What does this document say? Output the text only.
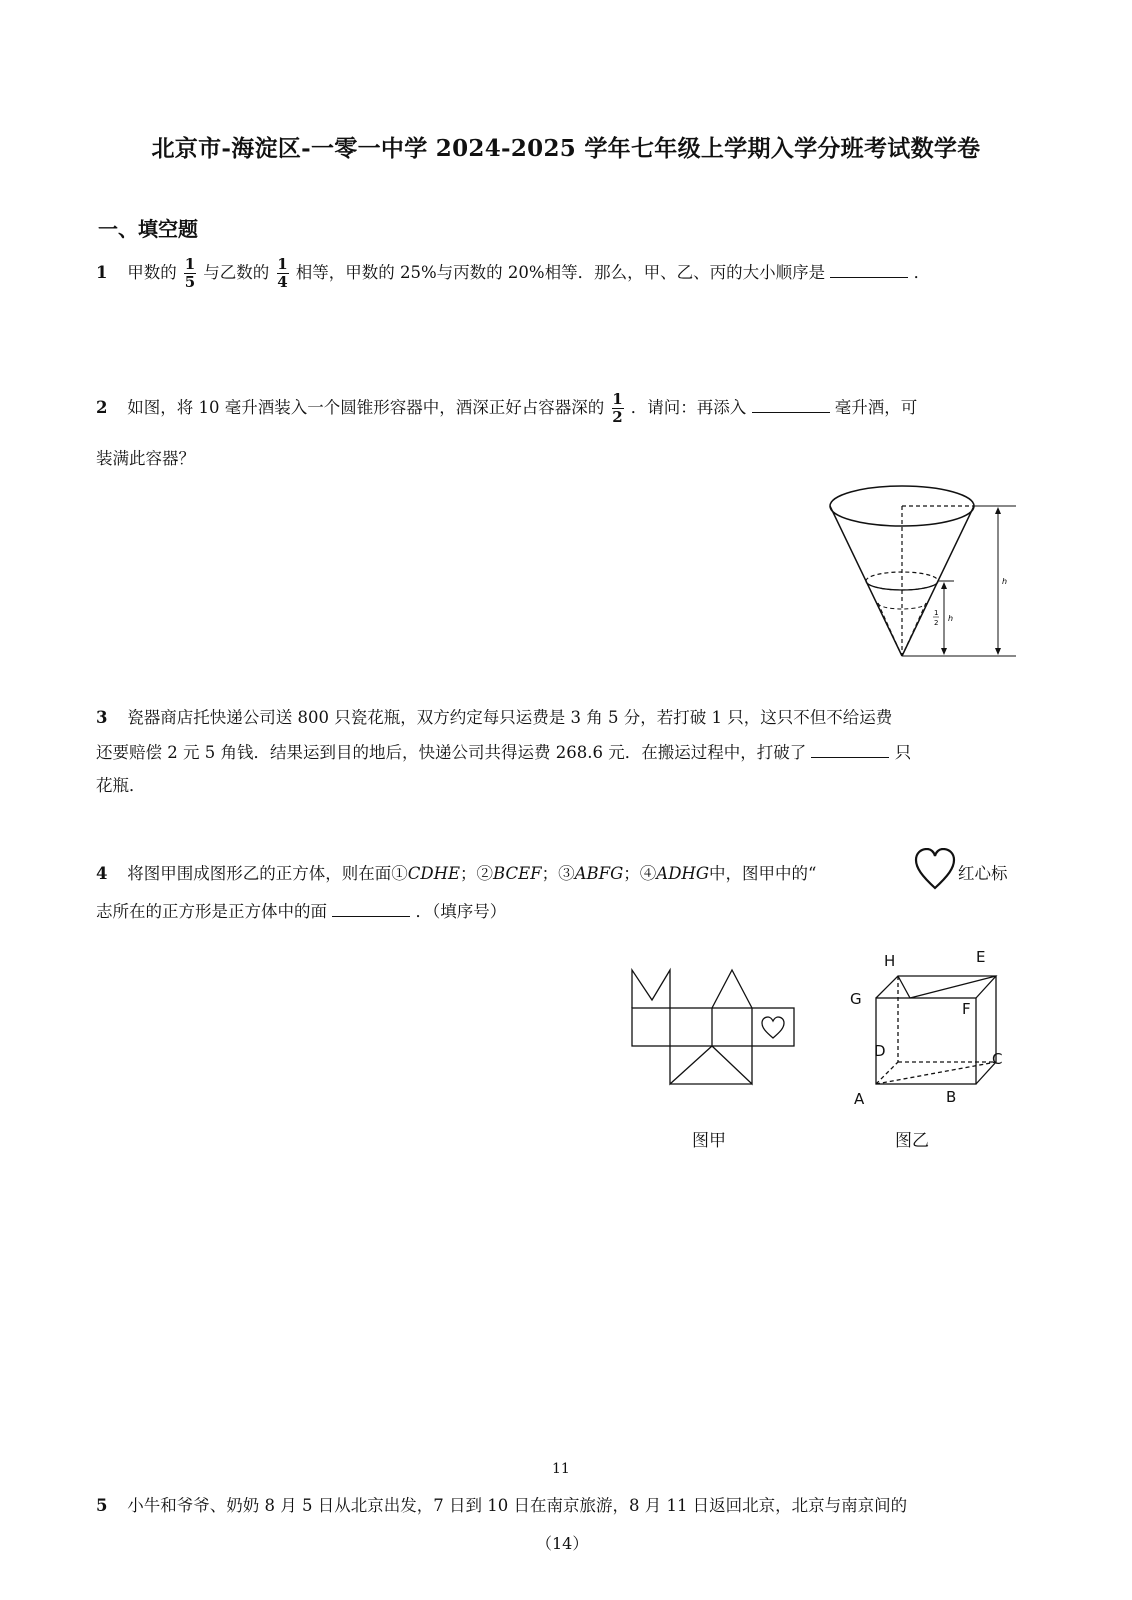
北京市-海淀区-一零一中学 2024-2025 学年七年级上学期入学分班考试数学卷
一、填空题
1 甲数的 $\frac{1}{5}$ 与乙数的 $\frac{1}{4}$ 相等，甲数的 25%与丙数的 20%相等．那么，甲、乙、丙的大小顺序是	．
2 如图，将 10 毫升酒装入一个圆锥形容器中，酒深正好占容器深的 $\frac{1}{2}$ ．请问：再添入	毫升酒，可
装满此容器？
1
2 h
h
3 瓷器商店托快递公司送 800 只瓷花瓶，双方约定每只运费是 3 角 5 分，若打破 1 只，这只不但不给运费
还要赔偿 2 元 5 角钱．结果运到目的地后，快递公司共得运费 268.6 元．在搬运过程中，打破了	只
花瓶．
4 将图甲围成图形乙的正方体，则在面①CDHE；②BCEF；③ABFG；④ADHG中，图甲中的“	红心标
志所在的正方形是正方体中的面	．（填序号）
图甲
H	E
G
F
D	C
A	B
图乙
11
5 小牛和爷爷、奶奶 8 月 5 日从北京出发，7 日到 10 日在南京旅游，8 月 11 日返回北京，北京与南京间的
（14）
